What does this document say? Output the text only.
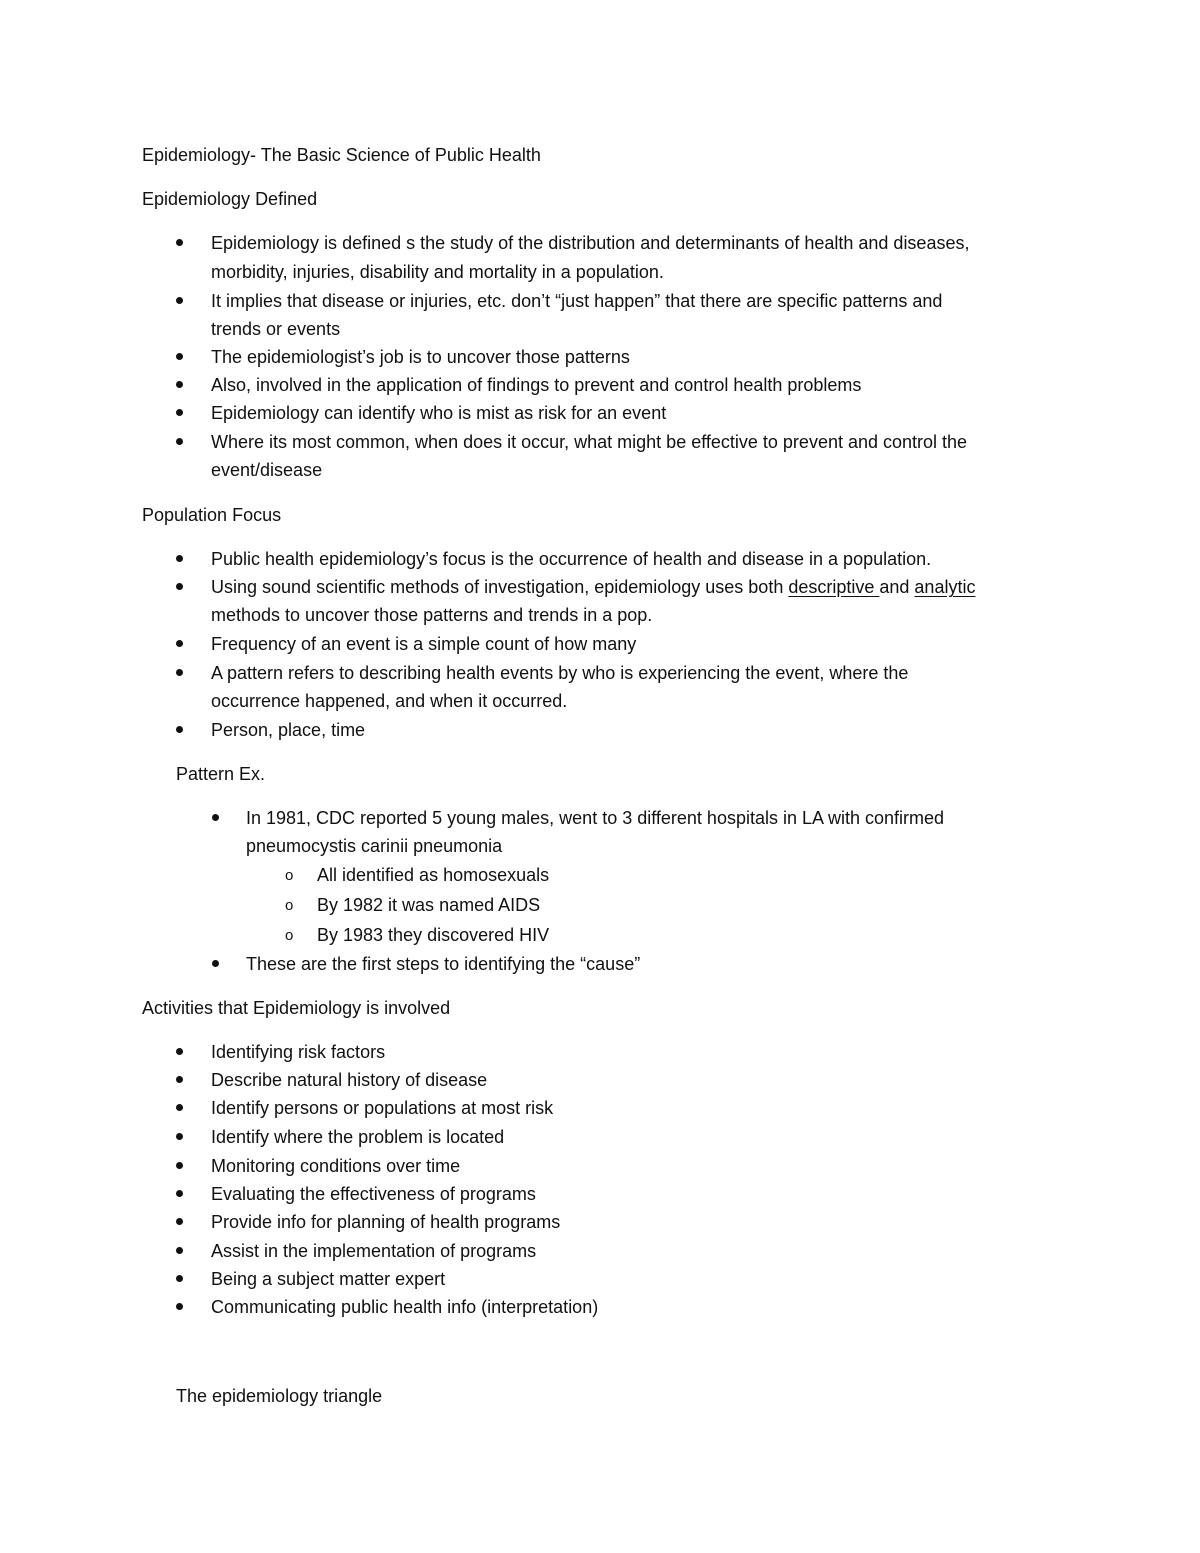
Epidemiology- The Basic Science of Public Health
Epidemiology Defined
Epidemiology is defined s the study of the distribution and determinants of health and diseases,
morbidity, injuries, disability and mortality in a population.
It implies that disease or injuries, etc. don’t “just happen” that there are specific patterns and
trends or events
The epidemiologist’s job is to uncover those patterns
Also, involved in the application of findings to prevent and control health problems
Epidemiology can identify who is mist as risk for an event
Where its most common, when does it occur, what might be effective to prevent and control the
event/disease
Population Focus
Public health epidemiology’s focus is the occurrence of health and disease in a population.
Using sound scientific methods of investigation, epidemiology uses both descriptive and analytic
methods to uncover those patterns and trends in a pop.
Frequency of an event is a simple count of how many
A pattern refers to describing health events by who is experiencing the event, where the
occurrence happened, and when it occurred.
Person, place, time
Pattern Ex.
In 1981, CDC reported 5 young males, went to 3 different hospitals in LA with confirmed
pneumocystis carinii pneumonia
o All identified as homosexuals
o By 1982 it was named AIDS
o By 1983 they discovered HIV
These are the first steps to identifying the “cause”
Activities that Epidemiology is involved
Identifying risk factors
Describe natural history of disease
Identify persons or populations at most risk
Identify where the problem is located
Monitoring conditions over time
Evaluating the effectiveness of programs
Provide info for planning of health programs
Assist in the implementation of programs
Being a subject matter expert
Communicating public health info (interpretation)
The epidemiology triangle
